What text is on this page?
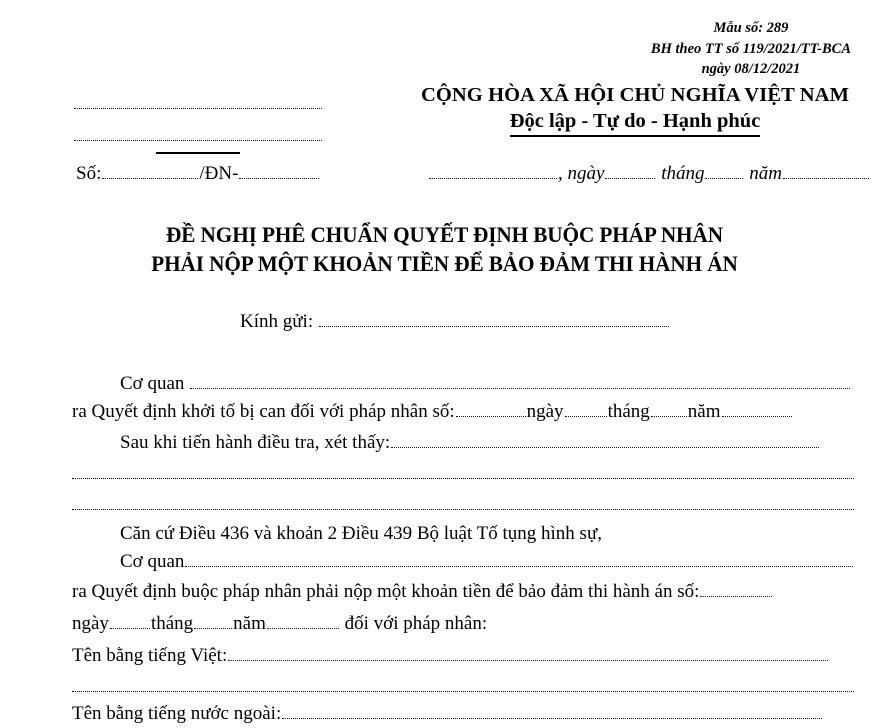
Mẫu số: 289
BH theo TT số 119/2021/TT-BCA
ngày 08/12/2021
CỘNG HÒA XÃ HỘI CHỦ NGHĨA VIỆT NAM
Độc lập - Tự do - Hạnh phúc
Số:	/ĐN-	, ngày	tháng năm
ĐỀ NGHỊ PHÊ CHUẨN QUYẾT ĐỊNH BUỘC PHÁP NHÂN
PHẢI NỘP MỘT KHOẢN TIỀN ĐỂ BẢO ĐẢM THI HÀNH ÁN
Kính gửi:
Cơ quan
ra Quyết định khởi tố bị can đối với pháp nhân số:	ngày tháng năm
Sau khi tiến hành điều tra, xét thấy:
Căn cứ Điều 436 và khoản 2 Điều 439 Bộ luật Tố tụng hình sự,
Cơ quan
ra Quyết định buộc pháp nhân phải nộp một khoản tiền để bảo đảm thi hành án số:
ngày tháng năm	đối với pháp nhân:
Tên bằng tiếng Việt:
Tên bằng tiếng nước ngoài:
